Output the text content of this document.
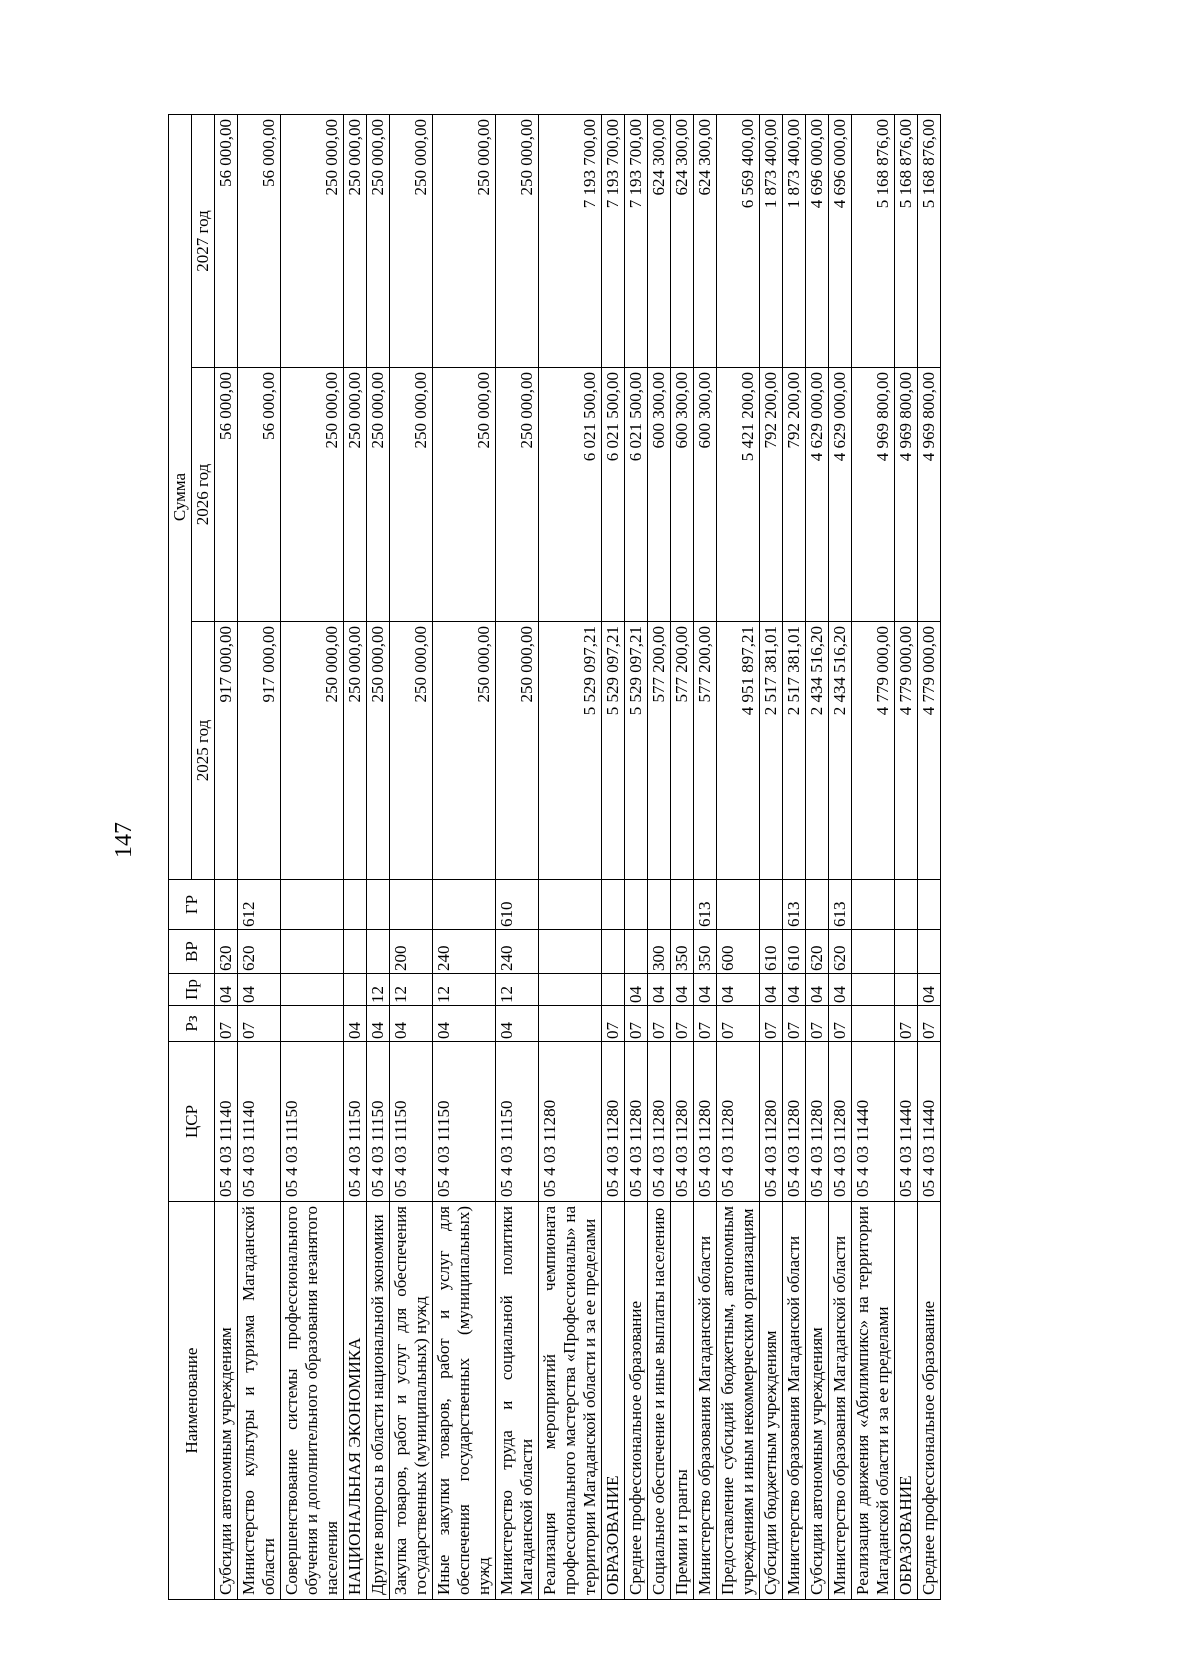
147
Наименование	ЦСР	Рз	Пр	ВР	ГР	Сумма		
						2025 год	2026 год	2027 год
Субсидии автономным учреждениям	05 4 03 11140	07	04	620		917 000,00	56 000,00	56 000,00
Министерство культуры и туризма Магаданской области	05 4 03 11140	07	04	620	612	917 000,00	56 000,00	56 000,00
Совершенствование системы профессионального обучения и дополнительного образования незанятого населения	05 4 03 11150					250 000,00	250 000,00	250 000,00
НАЦИОНАЛЬНАЯ ЭКОНОМИКА	05 4 03 11150	04				250 000,00	250 000,00	250 000,00
Другие вопросы в области национальной экономики	05 4 03 11150	04	12			250 000,00	250 000,00	250 000,00
Закупка товаров, работ и услуг для обеспечения государственных (муниципальных) нужд	05 4 03 11150	04	12	200		250 000,00	250 000,00	250 000,00
Иные закупки товаров, работ и услуг для обеспечения государственных (муниципальных) нужд	05 4 03 11150	04	12	240		250 000,00	250 000,00	250 000,00
Министерство труда и социальной политики Магаданской области	05 4 03 11150	04	12	240	610	250 000,00	250 000,00	250 000,00
Реализация мероприятий чемпионата профессионального мастерства «Профессионалы» на территории Магаданской области и за ее пределами	05 4 03 11280					5 529 097,21	6 021 500,00	7 193 700,00
ОБРАЗОВАНИЕ	05 4 03 11280	07				5 529 097,21	6 021 500,00	7 193 700,00
Среднее профессиональное образование	05 4 03 11280	07	04			5 529 097,21	6 021 500,00	7 193 700,00
Социальное обеспечение и иные выплаты населению	05 4 03 11280	07	04	300		577 200,00	600 300,00	624 300,00
Премии и гранты	05 4 03 11280	07	04	350		577 200,00	600 300,00	624 300,00
Министерство образования Магаданской области	05 4 03 11280	07	04	350	613	577 200,00	600 300,00	624 300,00
Предоставление субсидий бюджетным, автономным учреждениям и иным некоммерческим организациям	05 4 03 11280	07	04	600		4 951 897,21	5 421 200,00	6 569 400,00
Субсидии бюджетным учреждениям	05 4 03 11280	07	04	610		2 517 381,01	792 200,00	1 873 400,00
Министерство образования Магаданской области	05 4 03 11280	07	04	610	613	2 517 381,01	792 200,00	1 873 400,00
Субсидии автономным учреждениям	05 4 03 11280	07	04	620		2 434 516,20	4 629 000,00	4 696 000,00
Министерство образования Магаданской области	05 4 03 11280	07	04	620	613	2 434 516,20	4 629 000,00	4 696 000,00
Реализация движения «Абилимпикс» на территории Магаданской области и за ее пределами	05 4 03 11440					4 779 000,00	4 969 800,00	5 168 876,00
ОБРАЗОВАНИЕ	05 4 03 11440	07				4 779 000,00	4 969 800,00	5 168 876,00
Среднее профессиональное образование	05 4 03 11440	07	04			4 779 000,00	4 969 800,00	5 168 876,00
